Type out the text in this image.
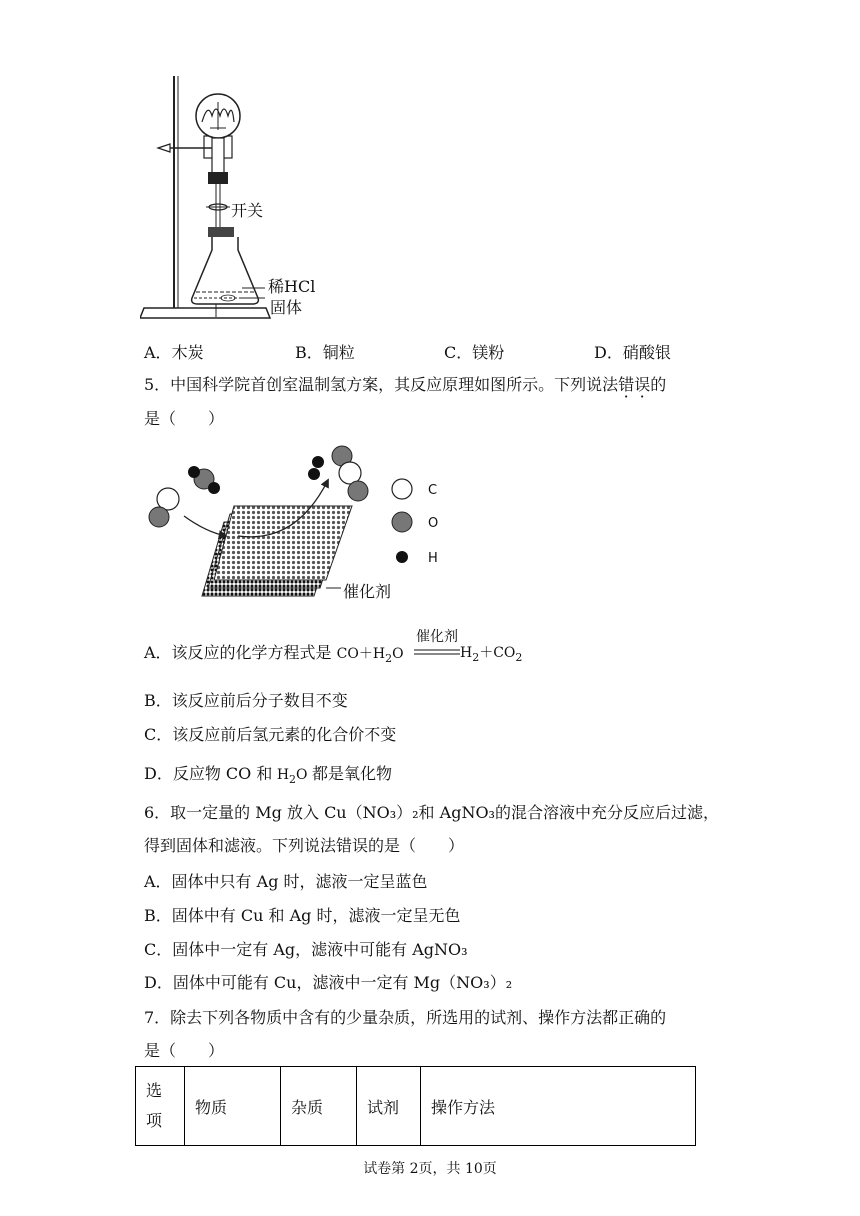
开关
稀HCl
固体
A．木炭	B．铜粒	C．镁粉	D．硝酸银
5．中国科学院首创室温制氢方案，其反应原理如图所示。下列说法错误的
是（　　）
C
O
H
催化剂
A．该反应的化学方程式是 $CO+H_2O$
催化剂
$H_2+CO_2$
B．该反应前后分子数目不变
C．该反应前后氢元素的化合价不变
D．反应物 CO 和 $H_2O$ 都是氧化物
6．取一定量的 Mg 放入 Cu（NO₃）₂和 AgNO₃的混合溶液中充分反应后过滤，
得到固体和滤液。下列说法错误的是（　　）
A．固体中只有 Ag 时，滤液一定呈蓝色
B．固体中有 Cu 和 Ag 时，滤液一定呈无色
C．固体中一定有 Ag，滤液中可能有 AgNO₃
D．固体中可能有 Cu，滤液中一定有 Mg（NO₃）₂
7．除去下列各物质中含有的少量杂质，所选用的试剂、操作方法都正确的
是（　　）
选项	物质	杂质	试剂	操作方法
试卷第 2页，共 10页
